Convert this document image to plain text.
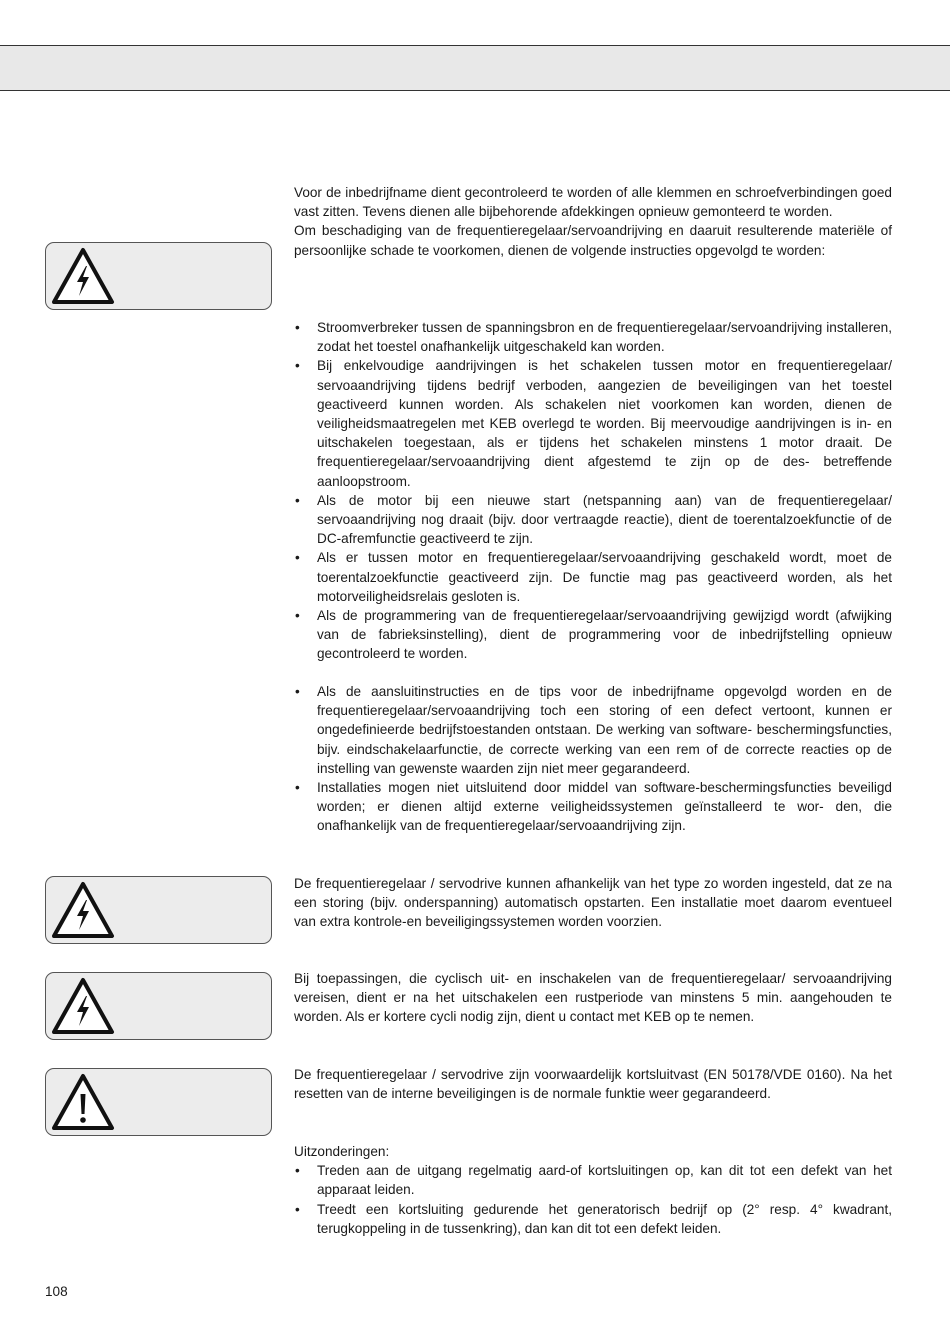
Voor de inbedrijfname dient gecontroleerd te worden of alle klemmen en schroefverbindingen goed vast zitten. Tevens dienen alle bijbehorende afdekkingen opnieuw gemonteerd te worden.

Om beschadiging van de frequentieregelaar/servoandrijving en daaruit resulterende materiële of persoonlijke schade te voorkomen, dienen de volgende instructies opgevolgd te worden:

• Stroomverbreker tussen de spanningsbron en de frequentieregelaar/servoandrijving installeren, zodat het toestel onafhankelijk uitgeschakeld kan worden.
• Bij enkelvoudige aandrijvingen is het schakelen tussen motor en frequentieregelaar/ servoaandrijving tijdens bedrijf verboden, aangezien de beveiligingen van het toestel geactiveerd kunnen worden. Als schakelen niet voorkomen kan worden, dienen de veiligheidsmaatregelen met KEB overlegd te worden. Bij meervoudige aandrijvingen is in- en uitschakelen toegestaan, als er tijdens het schakelen minstens 1 motor draait. De frequentieregelaar/servoaandrijving dient afgestemd te zijn op de des- betreffende aanloopstroom.
• Als de motor bij een nieuwe start (netspanning aan) van de frequentieregelaar/ servoaandrijving nog draait (bijv. door vertraagde reactie), dient de toerentalzoekfunctie of de DC-afremfunctie geactiveerd te zijn.
• Als er tussen motor en frequentieregelaar/servoaandrijving geschakeld wordt, moet de toerentalzoekfunctie geactiveerd zijn. De functie mag pas geactiveerd worden, als het motorveiligheidsrelais gesloten is.
• Als de programmering van de frequentieregelaar/servoaandrijving gewijzigd wordt (afwijking van de fabrieksinstelling), dient de programmering voor de inbedrijfstelling opnieuw gecontroleerd te worden.
• Als de aansluitinstructies en de tips voor de inbedrijfname opgevolgd worden en de frequentieregelaar/servoaandrijving toch een storing of een defect vertoont, kunnen er ongedefinieerde bedrijfstoestanden ontstaan. De werking van software- beschermingsfuncties, bijv. eindschakelaarfunctie, de correcte werking van een rem of de correcte reacties op de instelling van gewenste waarden zijn niet meer gegarandeerd.
• Installaties mogen niet uitsluitend door middel van software-beschermingsfuncties beveiligd worden; er dienen altijd externe veiligheidssystemen geïnstalleerd te wor- den, die onafhankelijk van de frequentieregelaar/servoaandrijving zijn.

De frequentieregelaar / servodrive kunnen afhankelijk van het type zo worden ingesteld, dat ze na een storing (bijv. onderspanning) automatisch opstarten. Een installatie moet daarom eventueel van extra kontrole-en beveiligingssystemen worden voorzien.

Bij toepassingen, die cyclisch uit- en inschakelen van de frequentieregelaar/ servoaandrijving vereisen, dient er na het uitschakelen een rustperiode van minstens 5 min. aangehouden te worden. Als er kortere cycli nodig zijn, dient u contact met KEB op te nemen.

De frequentieregelaar / servodrive zijn voorwaardelijk kortsluitvast (EN 50178/VDE 0160). Na het resetten van de interne beveiligingen is de normale funktie weer gegarandeerd.

Uitzonderingen:

• Treden aan de uitgang regelmatig aard-of kortsluitingen op, kan dit tot een defekt van het apparaat leiden.
• Treedt een kortsluiting gedurende het generatorisch bedrijf op (2° resp. 4° kwadrant, terugkoppeling in de tussenkring), dan kan dit tot een defekt leiden.
108
